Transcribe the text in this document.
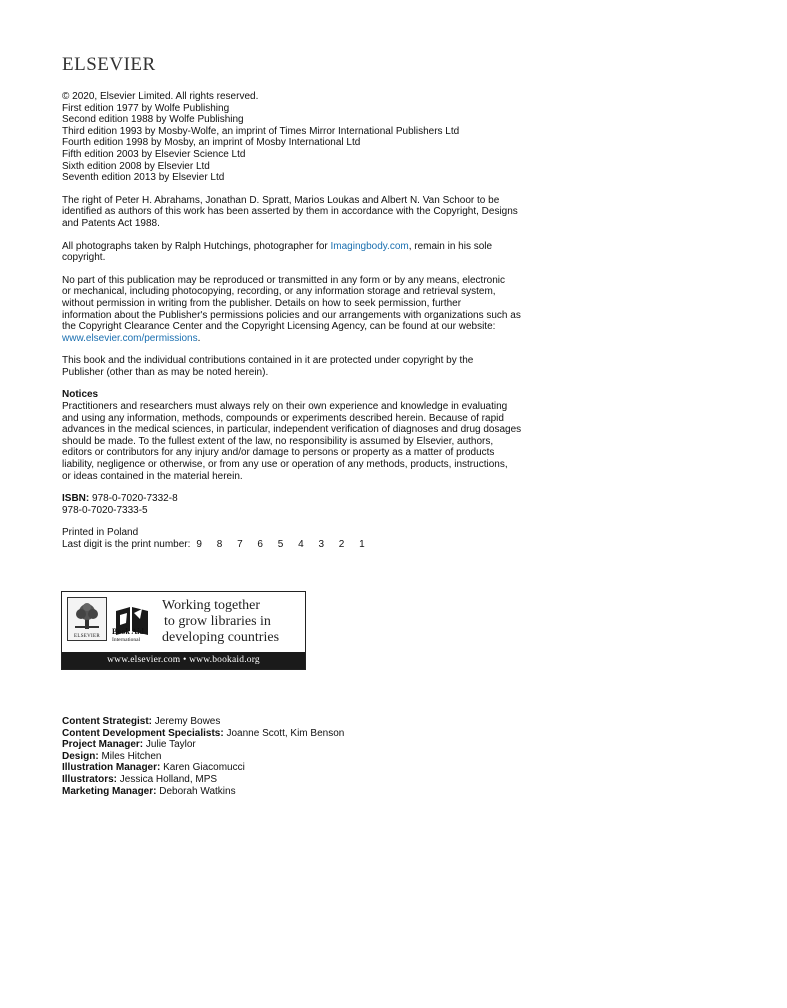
ELSEVIER
© 2020, Elsevier Limited. All rights reserved.
First edition 1977 by Wolfe Publishing
Second edition 1988 by Wolfe Publishing
Third edition 1993 by Mosby-Wolfe, an imprint of Times Mirror International Publishers Ltd
Fourth edition 1998 by Mosby, an imprint of Mosby International Ltd
Fifth edition 2003 by Elsevier Science Ltd
Sixth edition 2008 by Elsevier Ltd
Seventh edition 2013 by Elsevier Ltd
The right of Peter H. Abrahams, Jonathan D. Spratt, Marios Loukas and Albert N. Van Schoor to be
identified as authors of this work has been asserted by them in accordance with the Copyright, Designs
and Patents Act 1988.
All photographs taken by Ralph Hutchings, photographer for Imagingbody.com, remain in his sole
copyright.
No part of this publication may be reproduced or transmitted in any form or by any means, electronic
or mechanical, including photocopying, recording, or any information storage and retrieval system,
without permission in writing from the publisher. Details on how to seek permission, further
information about the Publisher's permissions policies and our arrangements with organizations such as
the Copyright Clearance Center and the Copyright Licensing Agency, can be found at our website:
www.elsevier.com/permissions.
This book and the individual contributions contained in it are protected under copyright by the
Publisher (other than as may be noted herein).
Notices
Practitioners and researchers must always rely on their own experience and knowledge in evaluating
and using any information, methods, compounds or experiments described herein. Because of rapid
advances in the medical sciences, in particular, independent verification of diagnoses and drug dosages
should be made. To the fullest extent of the law, no responsibility is assumed by Elsevier, authors,
editors or contributors for any injury and/or damage to persons or property as a matter of products
liability, negligence or otherwise, or from any use or operation of any methods, products, instructions,
or ideas contained in the material herein.
ISBN: 978-0-7020-7332-8
978-0-7020-7333-5
Printed in Poland
Last digit is the print number: 9 8 7 6 5 4 3 2 1
ELSEVIER
Book Aid
International
Working together
to grow libraries in
developing countries
www.elsevier.com • www.bookaid.org
Content Strategist: Jeremy Bowes
Content Development Specialists: Joanne Scott, Kim Benson
Project Manager: Julie Taylor
Design: Miles Hitchen
Illustration Manager: Karen Giacomucci
Illustrators: Jessica Holland, MPS
Marketing Manager: Deborah Watkins
